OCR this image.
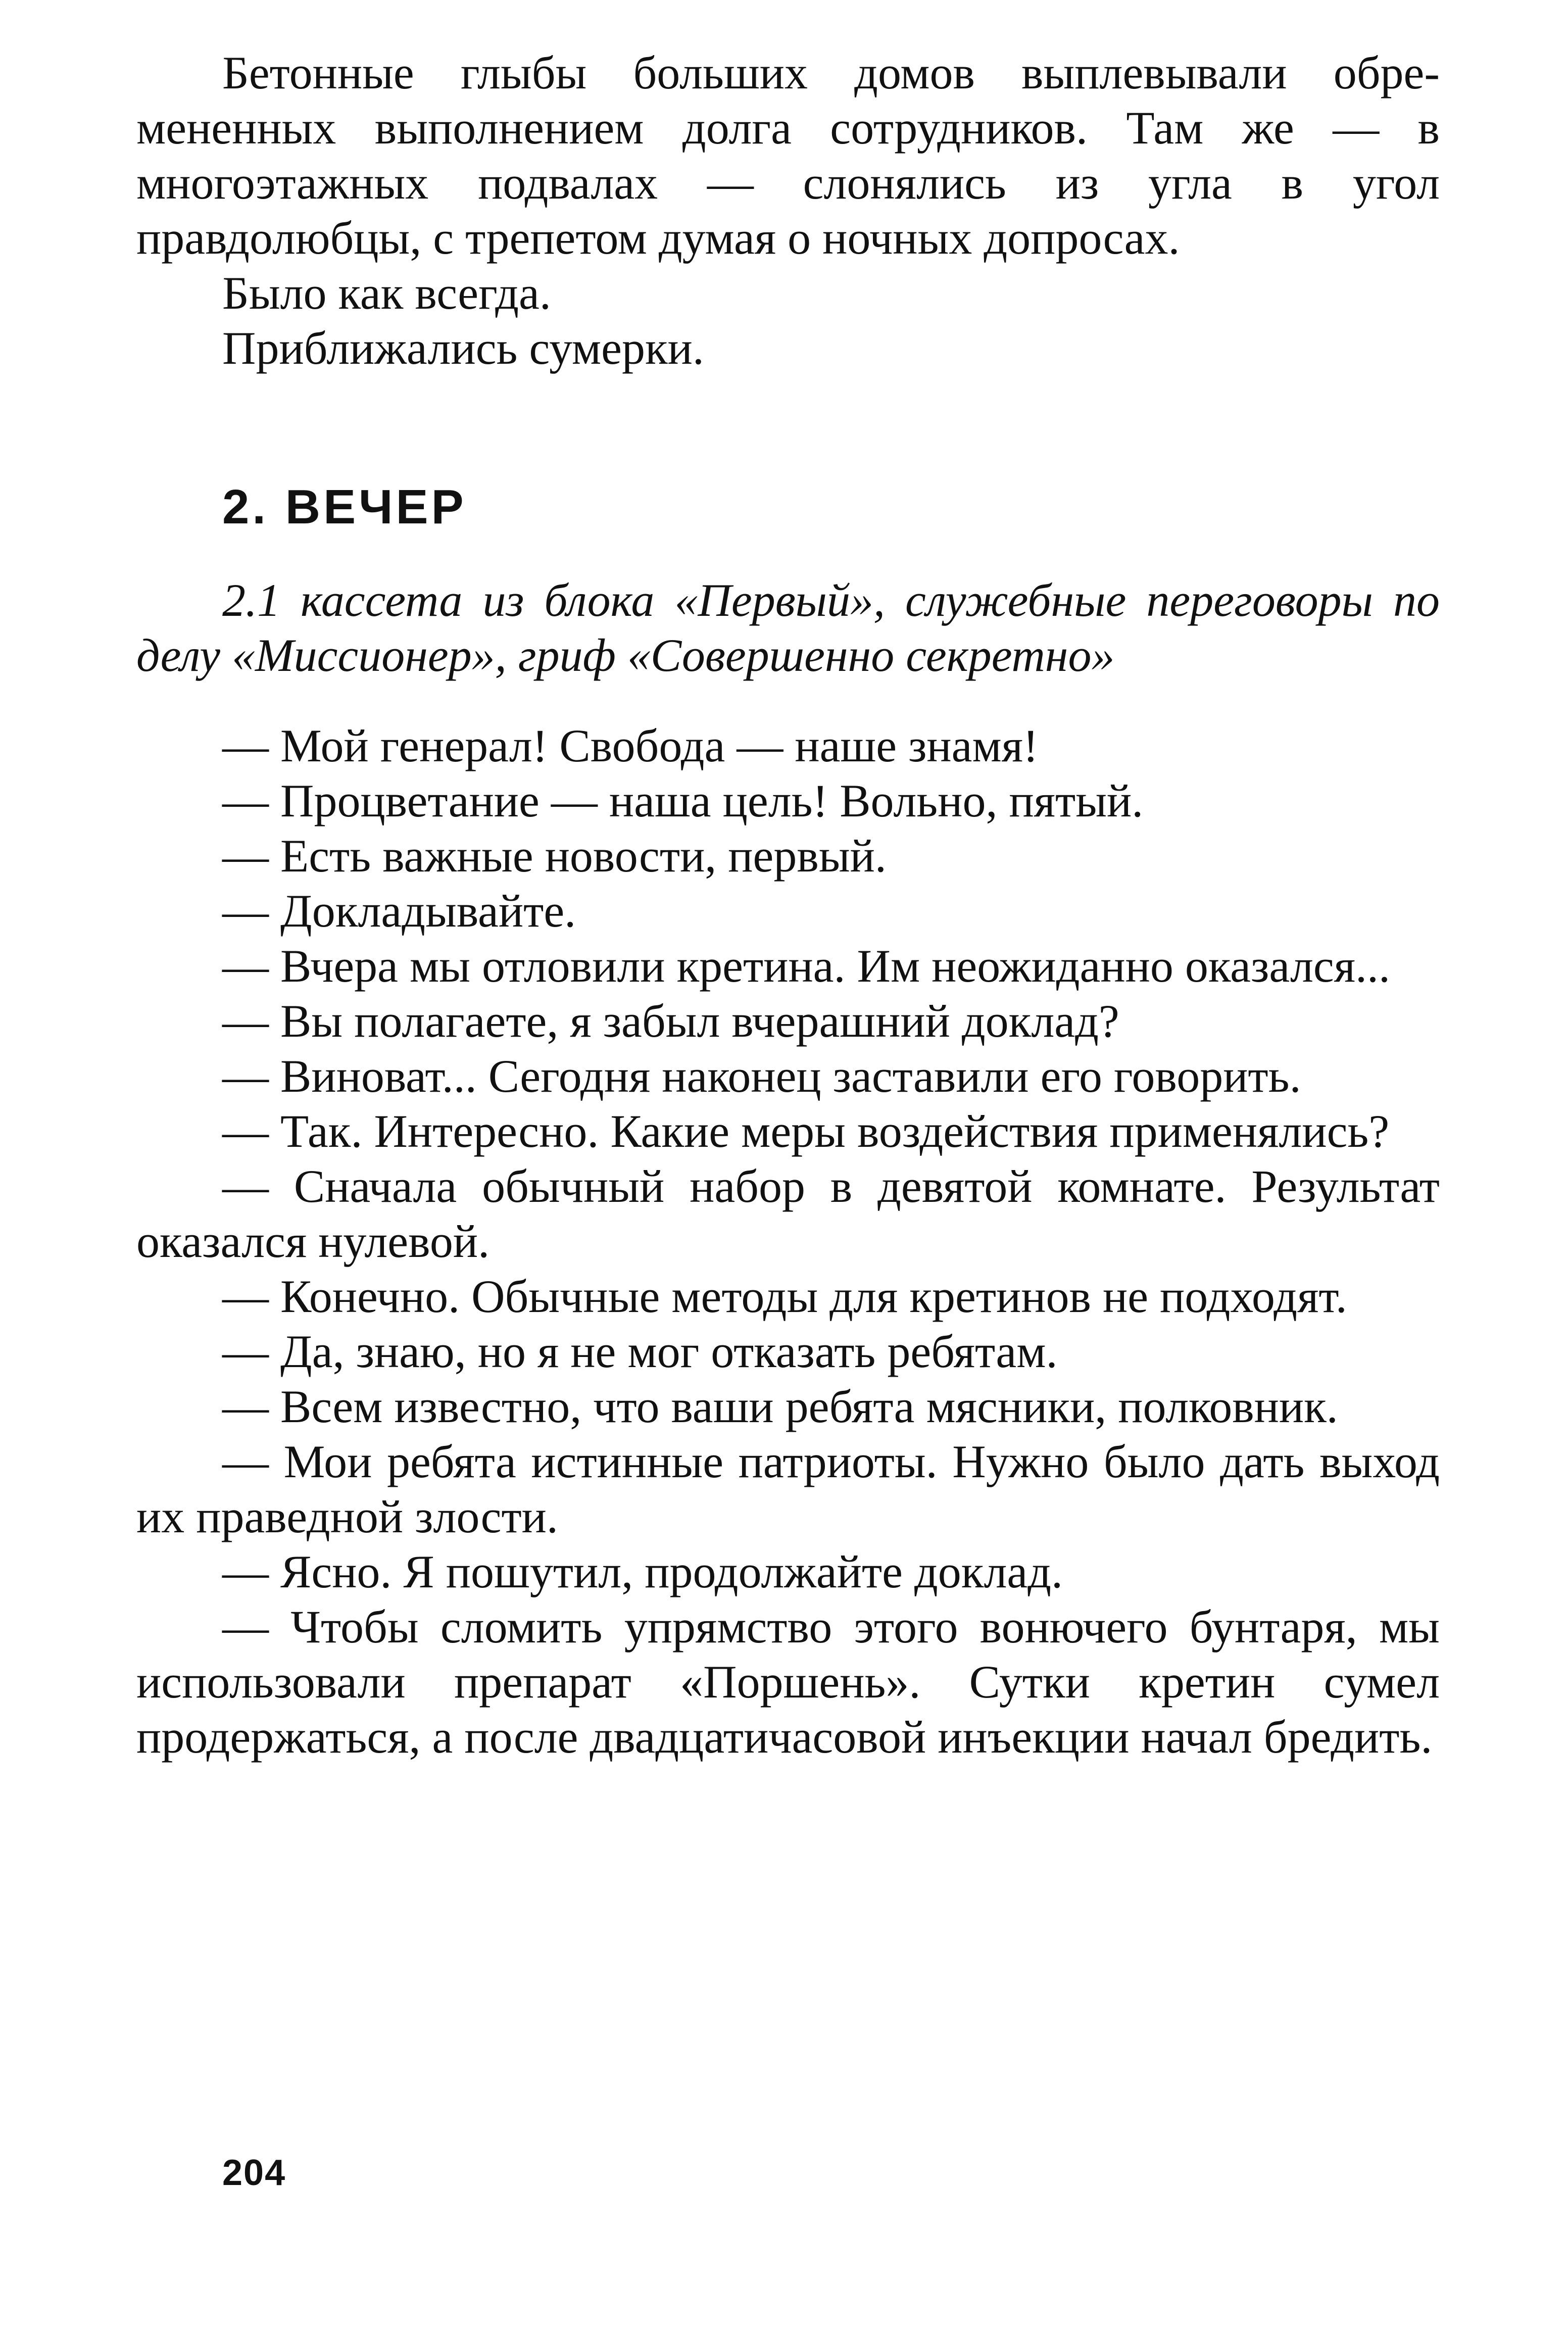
Бетонные глыбы больших домов выплевывали обремененных выполнением долга сотрудников. Там же — в многоэтажных подвалах — слонялись из угла в угол правдолюбцы, с трепетом думая о ночных допросах.

Было как всегда.

Приближались сумерки.

2. ВЕЧЕР
2.1 кассета из блока «Первый», служебные переговоры по делу «Миссионер», гриф «Совершенно секретно»

— Мой генерал! Свобода — наше знамя!

— Процветание — наша цель! Вольно, пятый.

— Есть важные новости, первый.

— Докладывайте.

— Вчера мы отловили кретина. Им неожиданно оказался...

— Вы полагаете, я забыл вчерашний доклад?

— Виноват... Сегодня наконец заставили его говорить.

— Так. Интересно. Какие меры воздействия применялись?

— Сначала обычный набор в девятой комнате. Результат оказался нулевой.

— Конечно. Обычные методы для кретинов не подходят.

— Да, знаю, но я не мог отказать ребятам.

— Всем известно, что ваши ребята мясники, полковник.

— Мои ребята истинные патриоты. Нужно было дать выход их праведной злости.

— Ясно. Я пошутил, продолжайте доклад.

— Чтобы сломить упрямство этого вонючего бунтаря, мы использовали препарат «Поршень». Сутки кретин сумел продержаться, а после двадцатичасовой инъекции начал бредить.

204
